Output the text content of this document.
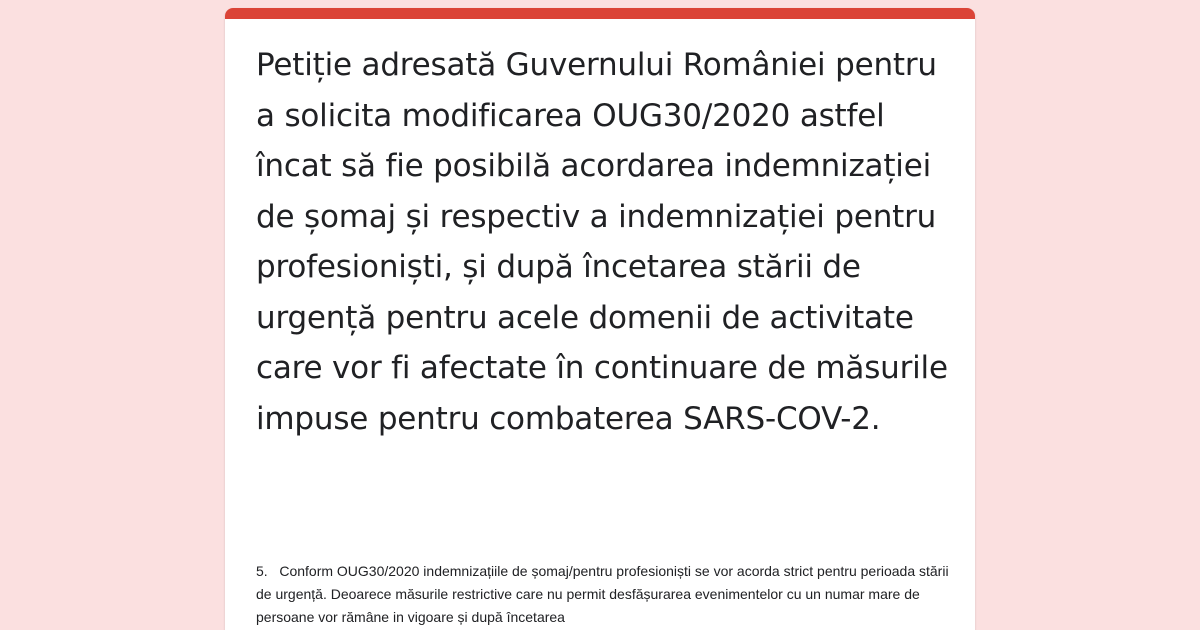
Petiție adresată Guvernului României pentru a solicita modificarea OUG30/2020 astfel încat să fie posibilă acordarea indemnizației de șomaj și respectiv a indemnizației pentru profesioniști, și după încetarea stării de urgență pentru acele domenii de activitate care vor fi afectate în continuare de măsurile impuse pentru combaterea SARS-COV-2.

5.   Conform OUG30/2020 indemnizațiile de șomaj/pentru profesioniști se vor acorda strict pentru perioada stării de urgență. Deoarece măsurile restrictive care nu permit desfășurarea evenimentelor cu un numar mare de persoane vor rămâne in vigoare și după încetarea
